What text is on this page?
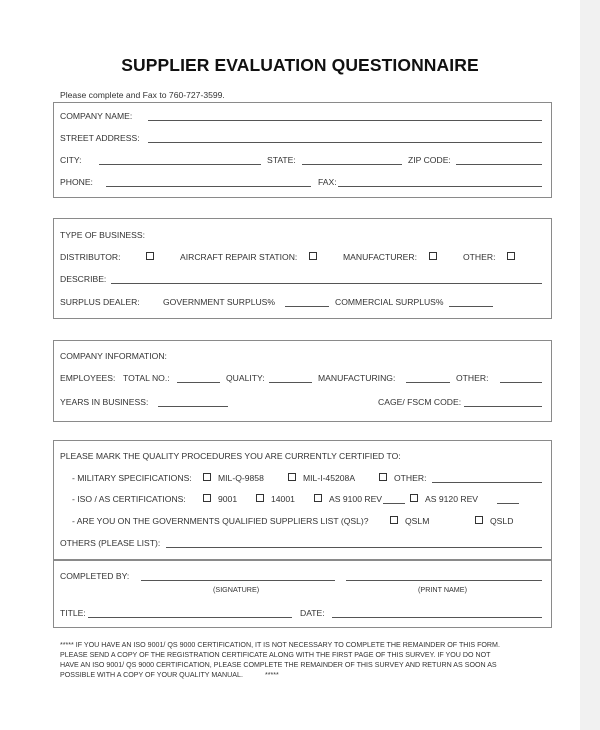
SUPPLIER EVALUATION QUESTIONNAIRE
Please complete and Fax to 760-727-3599.
COMPANY NAME:
STREET ADDRESS:
CITY:	STATE:	ZIP CODE:
PHONE:	FAX:
TYPE OF BUSINESS:
DISTRIBUTOR:	AIRCRAFT REPAIR STATION:	MANUFACTURER:	OTHER:
DESCRIBE:
SURPLUS DEALER:	GOVERNMENT SURPLUS%	COMMERCIAL SURPLUS%
COMPANY INFORMATION:
EMPLOYEES: TOTAL NO.:	QUALITY:	MANUFACTURING:	OTHER:
YEARS IN BUSINESS:	CAGE/ FSCM CODE:
PLEASE MARK THE QUALITY PROCEDURES YOU ARE CURRENTLY CERTIFIED TO:
- MILITARY SPECIFICATIONS:	MIL-Q-9858	MIL-I-45208A	OTHER:
- ISO / AS CERTIFICATIONS:	9001	14001	AS 9100 REV	AS 9120 REV
- ARE YOU ON THE GOVERNMENTS QUALIFIED SUPPLIERS LIST (QSL)?	QSLM	QSLD
OTHERS (PLEASE LIST):
COMPLETED BY:
(SIGNATURE)	(PRINT NAME)
TITLE:	DATE:
***** IF YOU HAVE AN ISO 9001/ QS 9000 CERTIFICATION, IT IS NOT NECESSARY TO COMPLETE THE REMAINDER OF THIS FORM.
PLEASE SEND A COPY OF THE REGISTRATION CERTIFICATE ALONG WITH THE FIRST PAGE OF THIS SURVEY. IF YOU DO NOT
HAVE AN ISO 9001/ QS 9000 CERTIFICATION, PLEASE COMPLETE THE REMAINDER OF THIS SURVEY AND RETURN AS SOON AS
POSSIBLE WITH A COPY OF YOUR QUALITY MANUAL.	*****
